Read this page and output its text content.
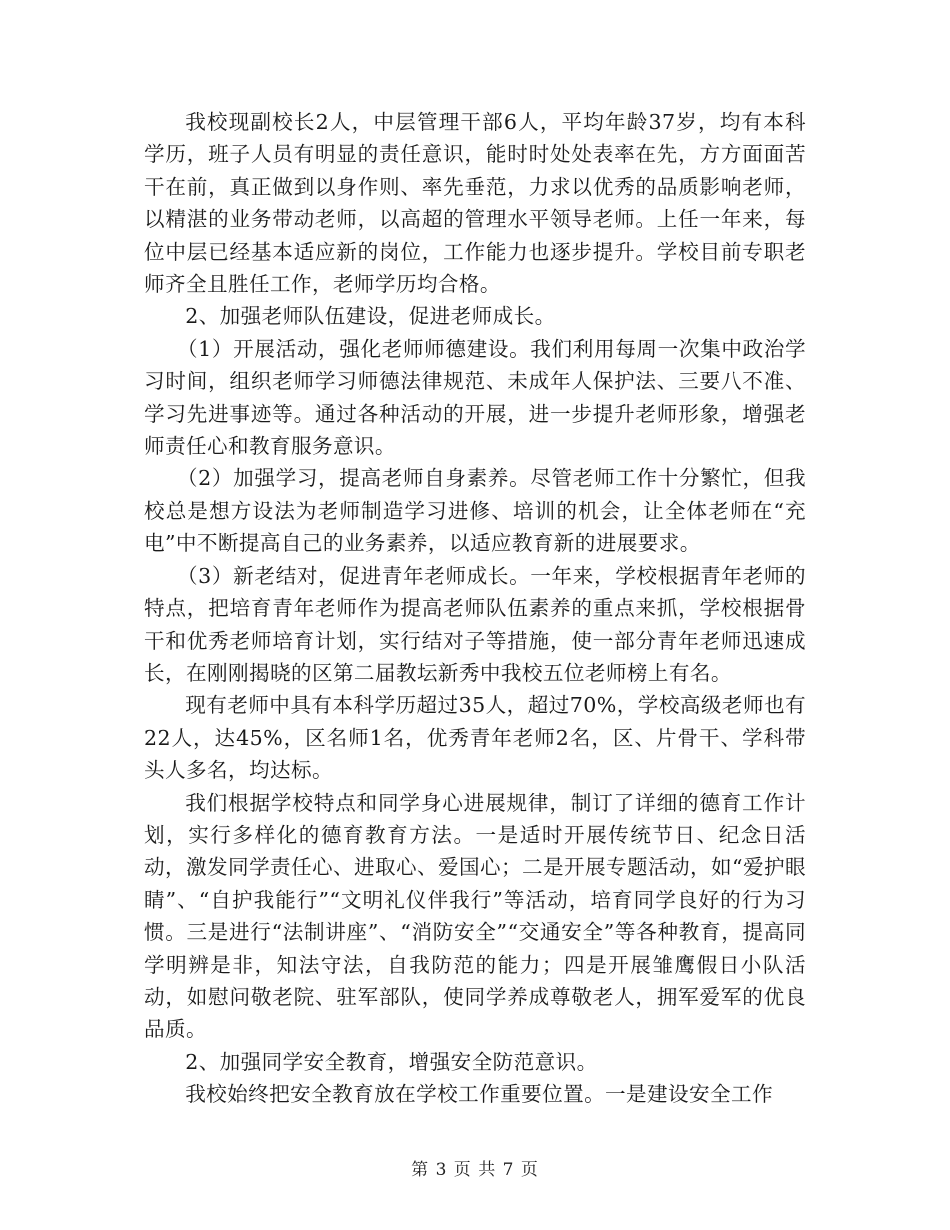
我校现副校长2人，中层管理干部6人，平均年龄37岁，均有本科学历，班子人员有明显的责任意识，能时时处处表率在先，方方面面苦干在前，真正做到以身作则、率先垂范，力求以优秀的品质影响老师，以精湛的业务带动老师，以高超的管理水平领导老师。上任一年来，每位中层已经基本适应新的岗位，工作能力也逐步提升。学校目前专职老师齐全且胜任工作，老师学历均合格。

2、加强老师队伍建设，促进老师成长。

（1）开展活动，强化老师师德建设。我们利用每周一次集中政治学习时间，组织老师学习师德法律规范、未成年人保护法、三要八不准、学习先进事迹等。通过各种活动的开展，进一步提升老师形象，增强老师责任心和教育服务意识。

（2）加强学习，提高老师自身素养。尽管老师工作十分繁忙，但我校总是想方设法为老师制造学习进修、培训的机会，让全体老师在“充电”中不断提高自己的业务素养，以适应教育新的进展要求。

（3）新老结对，促进青年老师成长。一年来，学校根据青年老师的特点，把培育青年老师作为提高老师队伍素养的重点来抓，学校根据骨干和优秀老师培育计划，实行结对子等措施，使一部分青年老师迅速成长，在刚刚揭晓的区第二届教坛新秀中我校五位老师榜上有名。

现有老师中具有本科学历超过35人，超过70%，学校高级老师也有22人，达45%，区名师1名，优秀青年老师2名，区、片骨干、学科带头人多名，均达标。

我们根据学校特点和同学身心进展规律，制订了详细的德育工作计划，实行多样化的德育教育方法。一是适时开展传统节日、纪念日活动，激发同学责任心、进取心、爱国心；二是开展专题活动，如“爱护眼睛”、“自护我能行”“文明礼仪伴我行”等活动，培育同学良好的行为习惯。三是进行“法制讲座”、“消防安全”“交通安全”等各种教育，提高同学明辨是非，知法守法，自我防范的能力；四是开展雏鹰假日小队活动，如慰问敬老院、驻军部队，使同学养成尊敬老人，拥军爱军的优良品质。

2、加强同学安全教育，增强安全防范意识。

我校始终把安全教育放在学校工作重要位置。一是建设安全工作

第 3 页 共 7 页
